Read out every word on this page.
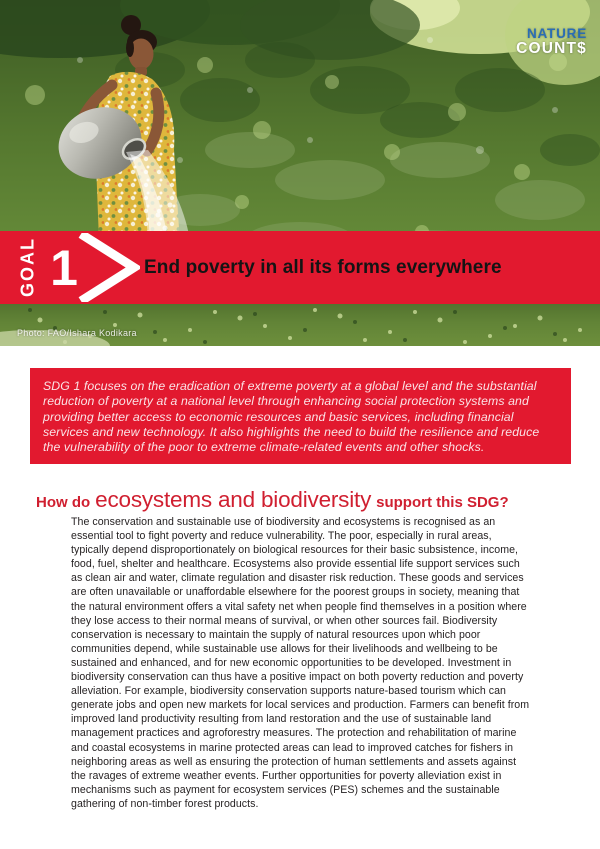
NATURE
COUNT$
GOAL 1	End poverty in all its forms everywhere
Photo: FAO/Ishara Kodikara

SDG 1 focuses on the eradication of extreme poverty at a global level and the substantial reduction of poverty at a national level through enhancing social protection systems and providing better access to economic resources and basic services, including financial services and new technology. It also highlights the need to build the resilience and reduce the vulnerability of the poor to extreme climate-related events and other shocks.

How do ecosystems and biodiversity support this SDG?

The conservation and sustainable use of biodiversity and ecosystems is recognised as an essential tool to fight poverty and reduce vulnerability. The poor, especially in rural areas, typically depend disproportionately on biological resources for their basic subsistence, income, food, fuel, shelter and healthcare. Ecosystems also provide essential life support services such as clean air and water, climate regulation and disaster risk reduction. These goods and services are often unavailable or unaffordable elsewhere for the poorest groups in society, meaning that the natural environment offers a vital safety net when people find themselves in a position where they lose access to their normal means of survival, or when other sources fail. Biodiversity conservation is necessary to maintain the supply of natural resources upon which poor communities depend, while sustainable use allows for their livelihoods and wellbeing to be sustained and enhanced, and for new economic opportunities to be developed. Investment in biodiversity conservation can thus have a positive impact on both poverty reduction and poverty alleviation. For example, biodiversity conservation supports nature-based tourism which can generate jobs and open new markets for local services and production. Farmers can benefit from improved land productivity resulting from land restoration and the use of sustainable land management practices and agroforestry measures. The protection and rehabilitation of marine and coastal ecosystems in marine protected areas can lead to improved catches for fishers in neighboring areas as well as ensuring the protection of human settlements and assets against the ravages of extreme weather events. Further opportunities for poverty alleviation exist in mechanisms such as payment for ecosystem services (PES) schemes and the sustainable gathering of non-timber forest products.
